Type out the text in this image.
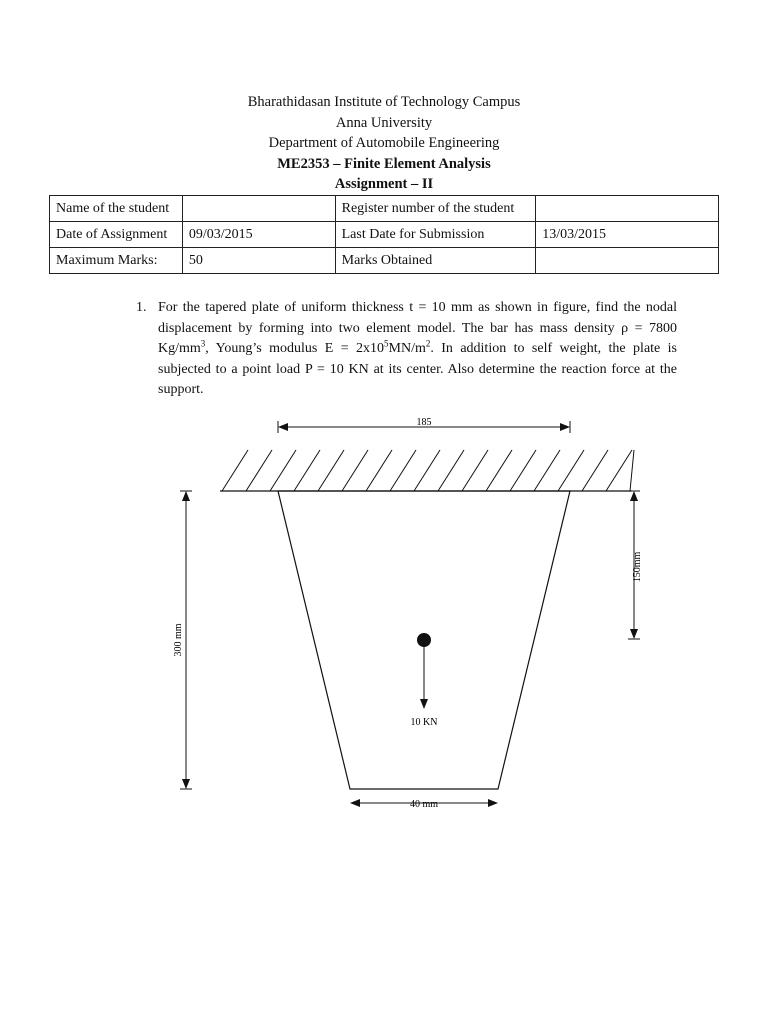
Bharathidasan Institute of Technology Campus
Anna University
Department of Automobile Engineering
ME2353 – Finite Element Analysis
Assignment – II
Name of the student		Register number of the student	
Date of Assignment	09/03/2015	Last Date for Submission	13/03/2015
Maximum Marks:	50	Marks Obtained	
1. For the tapered plate of uniform thickness t = 10 mm as shown in figure, find the nodal displacement by forming into two element model. The bar has mass density ρ = 7800 $Kg/mm^3$, Young’s modulus $E = 2x10^5MN/m^2$. In addition to self weight, the plate is subjected to a point load P = 10 KN at its center. Also determine the reaction force at the support.
185
300 mm
150mm
10 KN
40 mm
